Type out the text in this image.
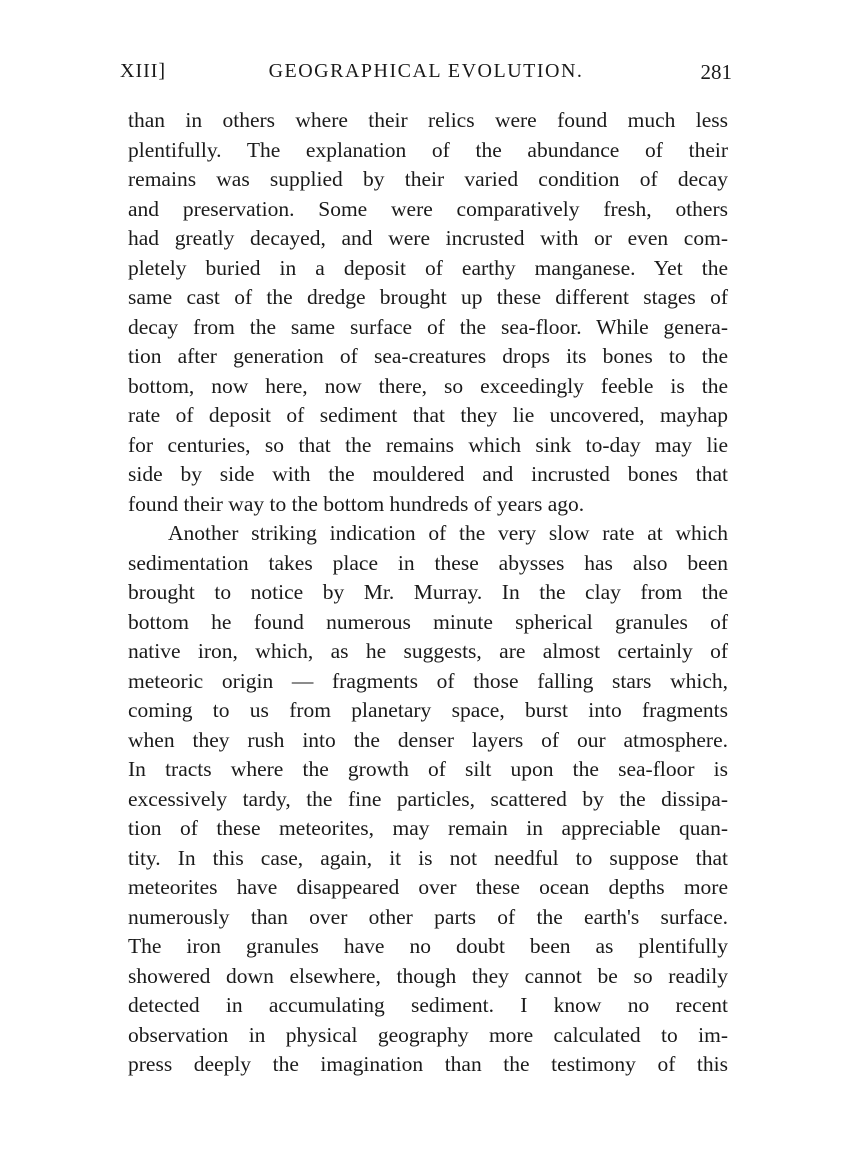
XIII]	GEOGRAPHICAL EVOLUTION.	281
than in others where their relics were found much less
plentifully. The explanation of the abundance of their
remains was supplied by their varied condition of decay
and preservation. Some were comparatively fresh, others
had greatly decayed, and were incrusted with or even com-
pletely buried in a deposit of earthy manganese. Yet the
same cast of the dredge brought up these different stages of
decay from the same surface of the sea-floor. While genera-
tion after generation of sea-creatures drops its bones to the
bottom, now here, now there, so exceedingly feeble is the
rate of deposit of sediment that they lie uncovered, mayhap
for centuries, so that the remains which sink to-day may lie
side by side with the mouldered and incrusted bones that
found their way to the bottom hundreds of years ago.
Another striking indication of the very slow rate at which
sedimentation takes place in these abysses has also been
brought to notice by Mr. Murray. In the clay from the
bottom he found numerous minute spherical granules of
native iron, which, as he suggests, are almost certainly of
meteoric origin — fragments of those falling stars which,
coming to us from planetary space, burst into fragments
when they rush into the denser layers of our atmosphere.
In tracts where the growth of silt upon the sea-floor is
excessively tardy, the fine particles, scattered by the dissipa-
tion of these meteorites, may remain in appreciable quan-
tity. In this case, again, it is not needful to suppose that
meteorites have disappeared over these ocean depths more
numerously than over other parts of the earth's surface.
The iron granules have no doubt been as plentifully
showered down elsewhere, though they cannot be so readily
detected in accumulating sediment. I know no recent
observation in physical geography more calculated to im-
press deeply the imagination than the testimony of this
